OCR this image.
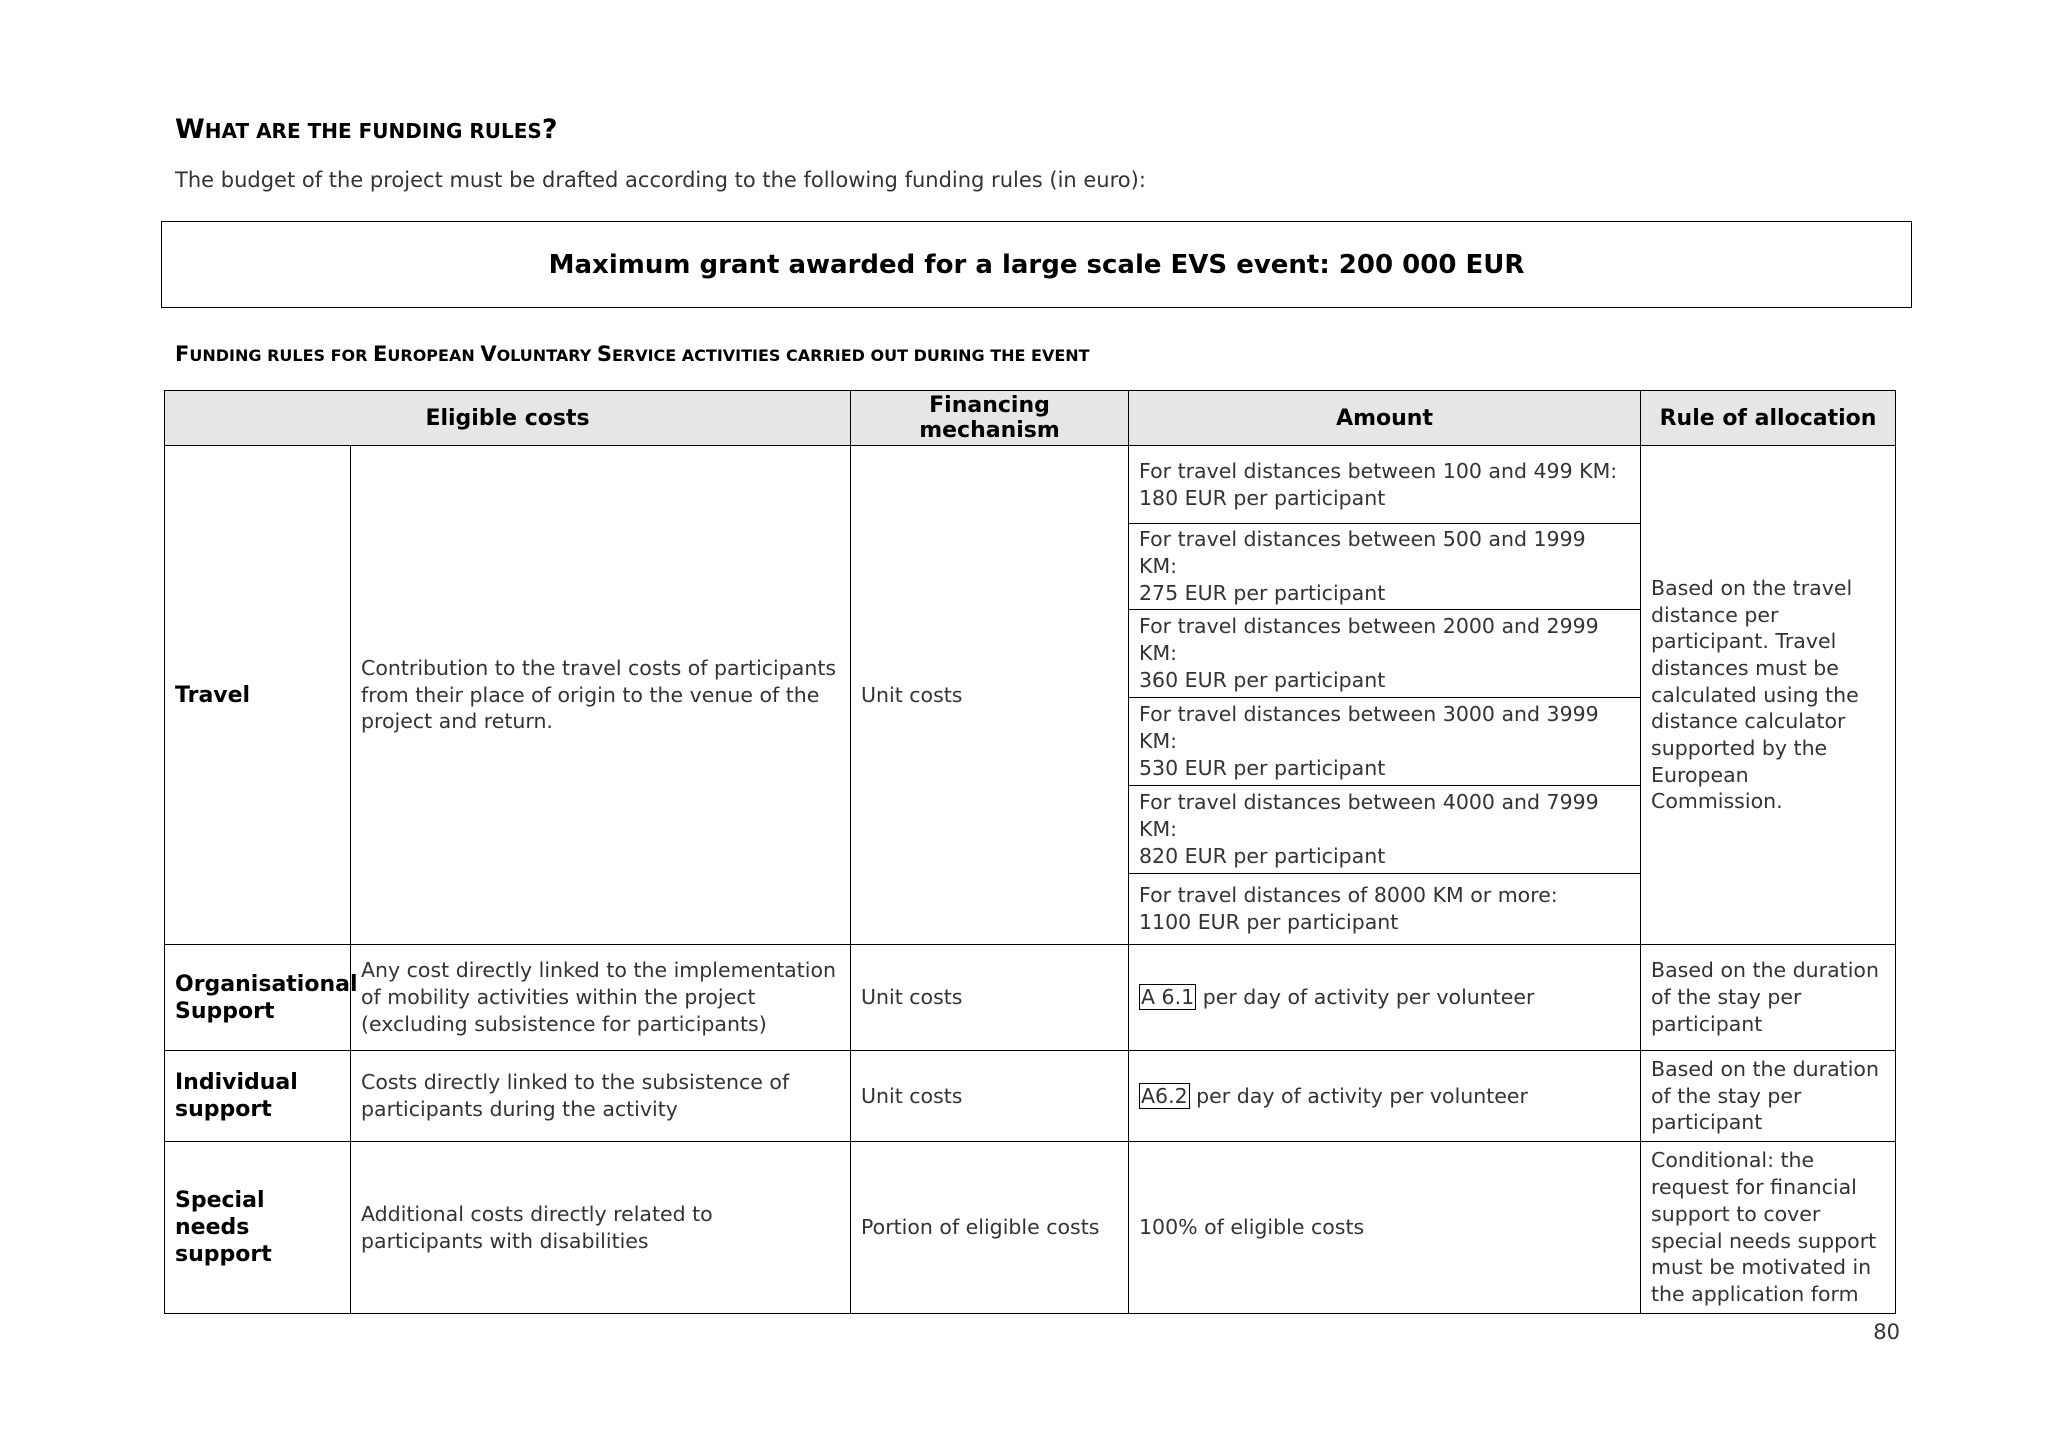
WHAT ARE THE FUNDING RULES?
The budget of the project must be drafted according to the following funding rules (in euro):
Maximum grant awarded for a large scale EVS event: 200 000 EUR
FUNDING RULES FOR EUROPEAN VOLUNTARY SERVICE ACTIVITIES CARRIED OUT DURING THE EVENT
Eligible costs		Financing mechanism	Amount	Rule of allocation
Travel	Contribution to the travel costs of participants from their place of origin to the venue of the project and return.	Unit costs	For travel distances between 100 and 499 KM:
180 EUR per participant	Based on the travel distance per participant. Travel distances must be calculated using the distance calculator supported by the European Commission.
			For travel distances between 500 and 1999 KM:
275 EUR per participant	
			For travel distances between 2000 and 2999 KM:
360 EUR per participant	
			For travel distances between 3000 and 3999 KM:
530 EUR per participant	
			For travel distances between 4000 and 7999 KM:
820 EUR per participant	
			For travel distances of 8000 KM or more:
1100 EUR per participant	
Organisational Support	Any cost directly linked to the implementation of mobility activities within the project (excluding subsistence for participants)	Unit costs	A 6.1 per day of activity per volunteer	Based on the duration of the stay per participant
Individual support	Costs directly linked to the subsistence of participants during the activity	Unit costs	A6.2 per day of activity per volunteer	Based on the duration of the stay per participant
Special needs support	Additional costs directly related to participants with disabilities	Portion of eligible costs	100% of eligible costs	Conditional: the request for financial support to cover special needs support must be motivated in the application form
80
